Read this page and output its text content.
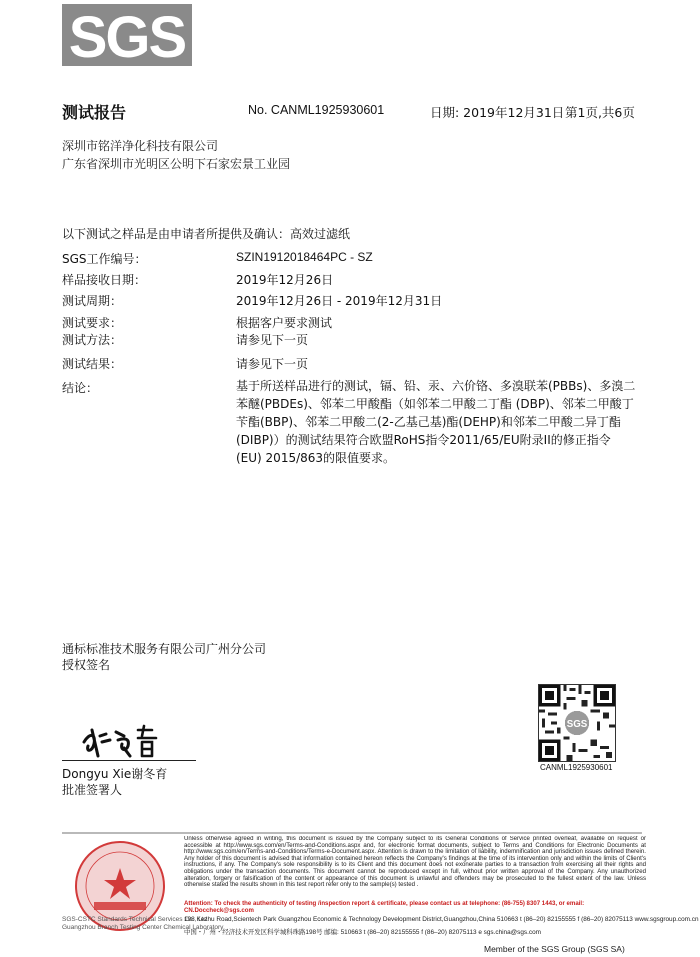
SGS
测试报告	No. CANML1925930601	日期: 2019年12月31日 第1页,共6页
深圳市铭洋净化科技有限公司
广东省深圳市光明区公明下石家宏景工业园
以下测试之样品是由申请者所提供及确认：高效过滤纸
SGS工作编号：	SZIN1912018464PC - SZ
样品接收日期：	2019年12月26日
测试周期：	2019年12月26日 - 2019年12月31日
测试要求：	根据客户要求测试
测试方法：	请参见下一页
测试结果：	请参见下一页
结论：	基于所送样品进行的测试，镉、铅、汞、六价铬、多溴联苯(PBBs)、多溴二苯醚(PBDEs)、邻苯二甲酸酯（如邻苯二甲酸二丁酯 (DBP)、邻苯二甲酸丁苄酯(BBP)、邻苯二甲酸二(2-乙基己基)酯(DEHP)和邻苯二甲酸二异丁酯(DIBP)）的测试结果符合欧盟RoHS指令2011/65/EU附录II的修正指令(EU) 2015/863的限值要求。

通标标准技术服务有限公司广州分公司
授权签名
SGS
CANML1925930601
Dongyu Xie谢冬育
批准签署人
SGS-CSTC Standards Technical Services Co., Ltd.
Guangzhou Branch Testing Center Chemical Laboratory

Unless otherwise agreed in writing, this document is issued by the Company subject to its General Conditions of Service printed overleaf, available on request or accessible at http://www.sgs.com/en/Terms-and-Conditions.aspx and, for electronic format documents, subject to Terms and Conditions for Electronic Documents at http://www.sgs.com/en/Terms-and-Conditions/Terms-e-Document.aspx. Attention is drawn to the limitation of liability, indemnification and jurisdiction issues defined therein. Any holder of this document is advised that information contained hereon reflects the Company's findings at the time of its intervention only and within the limits of Client's instructions, if any. The Company's sole responsibility is to its Client and this document does not exonerate parties to a transaction from exercising all their rights and obligations under the transaction documents. This document cannot be reproduced except in full, without prior written approval of the Company. Any unauthorized alteration, forgery or falsification of the content or appearance of this document is unlawful and offenders may be prosecuted to the fullest extent of the law. Unless otherwise stated the results shown in this test report refer only to the sample(s) tested .

Attention: To check the authenticity of testing /inspection report & certificate, please contact us at telephone: (86-755) 8307 1443, or email: CN.Doccheck@sgs.com
198 Kezhu Road,Scientech Park Guangzhou Economic & Technology Development District,Guangzhou,China 510663 t (86–20) 82155555 f (86–20) 82075113 www.sgsgroup.com.cn
中国・广州・经济技术开发区科学城科珠路198号 邮编: 510663 t (86–20) 82155555 f (86–20) 82075113 e sgs.china@sgs.com
Member of the SGS Group (SGS SA)
